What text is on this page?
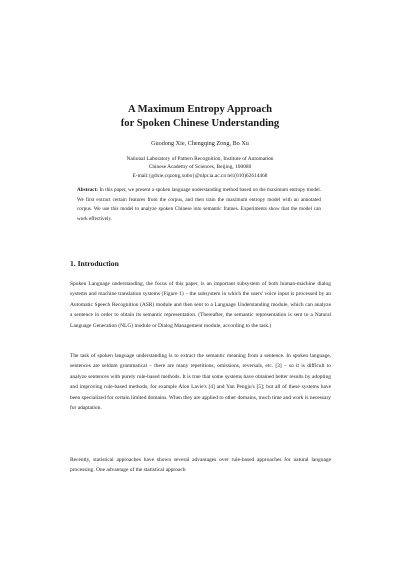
A Maximum Entropy Approach
for Spoken Chinese Understanding
Guodong Xie, Chengqing Zong, Bo Xu
National Laboratory of Pattern Recognition, Institute of Automation
Chinese Academy of Sciences, Beijing, 100080
E-mail:{gdxie,cqzong,xubo}@nlpr.ia.ac.cn tel:(010)62614468
Abstract: In this paper, we present a spoken language understanding method based on the maximum entropy model. We first extract certain features from the corpus, and then train the maximum entropy model with an annotated corpus. We use this model to analyze spoken Chinese into semantic frames. Experiments show that the model can work effectively.
1. Introduction
Spoken Language understanding, the focus of this paper, is an important subsystem of both human-machine dialog systems and machine translation systems (Figure 1) – the subsystem in which the users' voice input is processed by an Automatic Speech Recognition (ASR) module and then sent to a Language Understanding module, which can analyze a sentence in order to obtain its semantic representation. (Thereafter, the semantic representation is sent to a Natural Language Generation (NLG) module or Dialog Management module, according to the task.)
The task of spoken language understanding is to extract the semantic meaning from a sentence. In spoken language, sentences are seldom grammatical – there are many repetitions, omissions, reversals, etc. [3] – so it is difficult to analyze sentences with purely rule-based methods. It is true that some systems have obtained better results by adopting and improving rule-based methods, for example Alon Lavie's [4] and Yan Pengju's [5]; but all of these systems have been specialized for certain limited domains. When they are applied to other domains, much time and work is necessary for adaptation.
Recently, statistical approaches have shown several advantages over rule-based approaches for natural language processing. One advantage of the statistical approach
